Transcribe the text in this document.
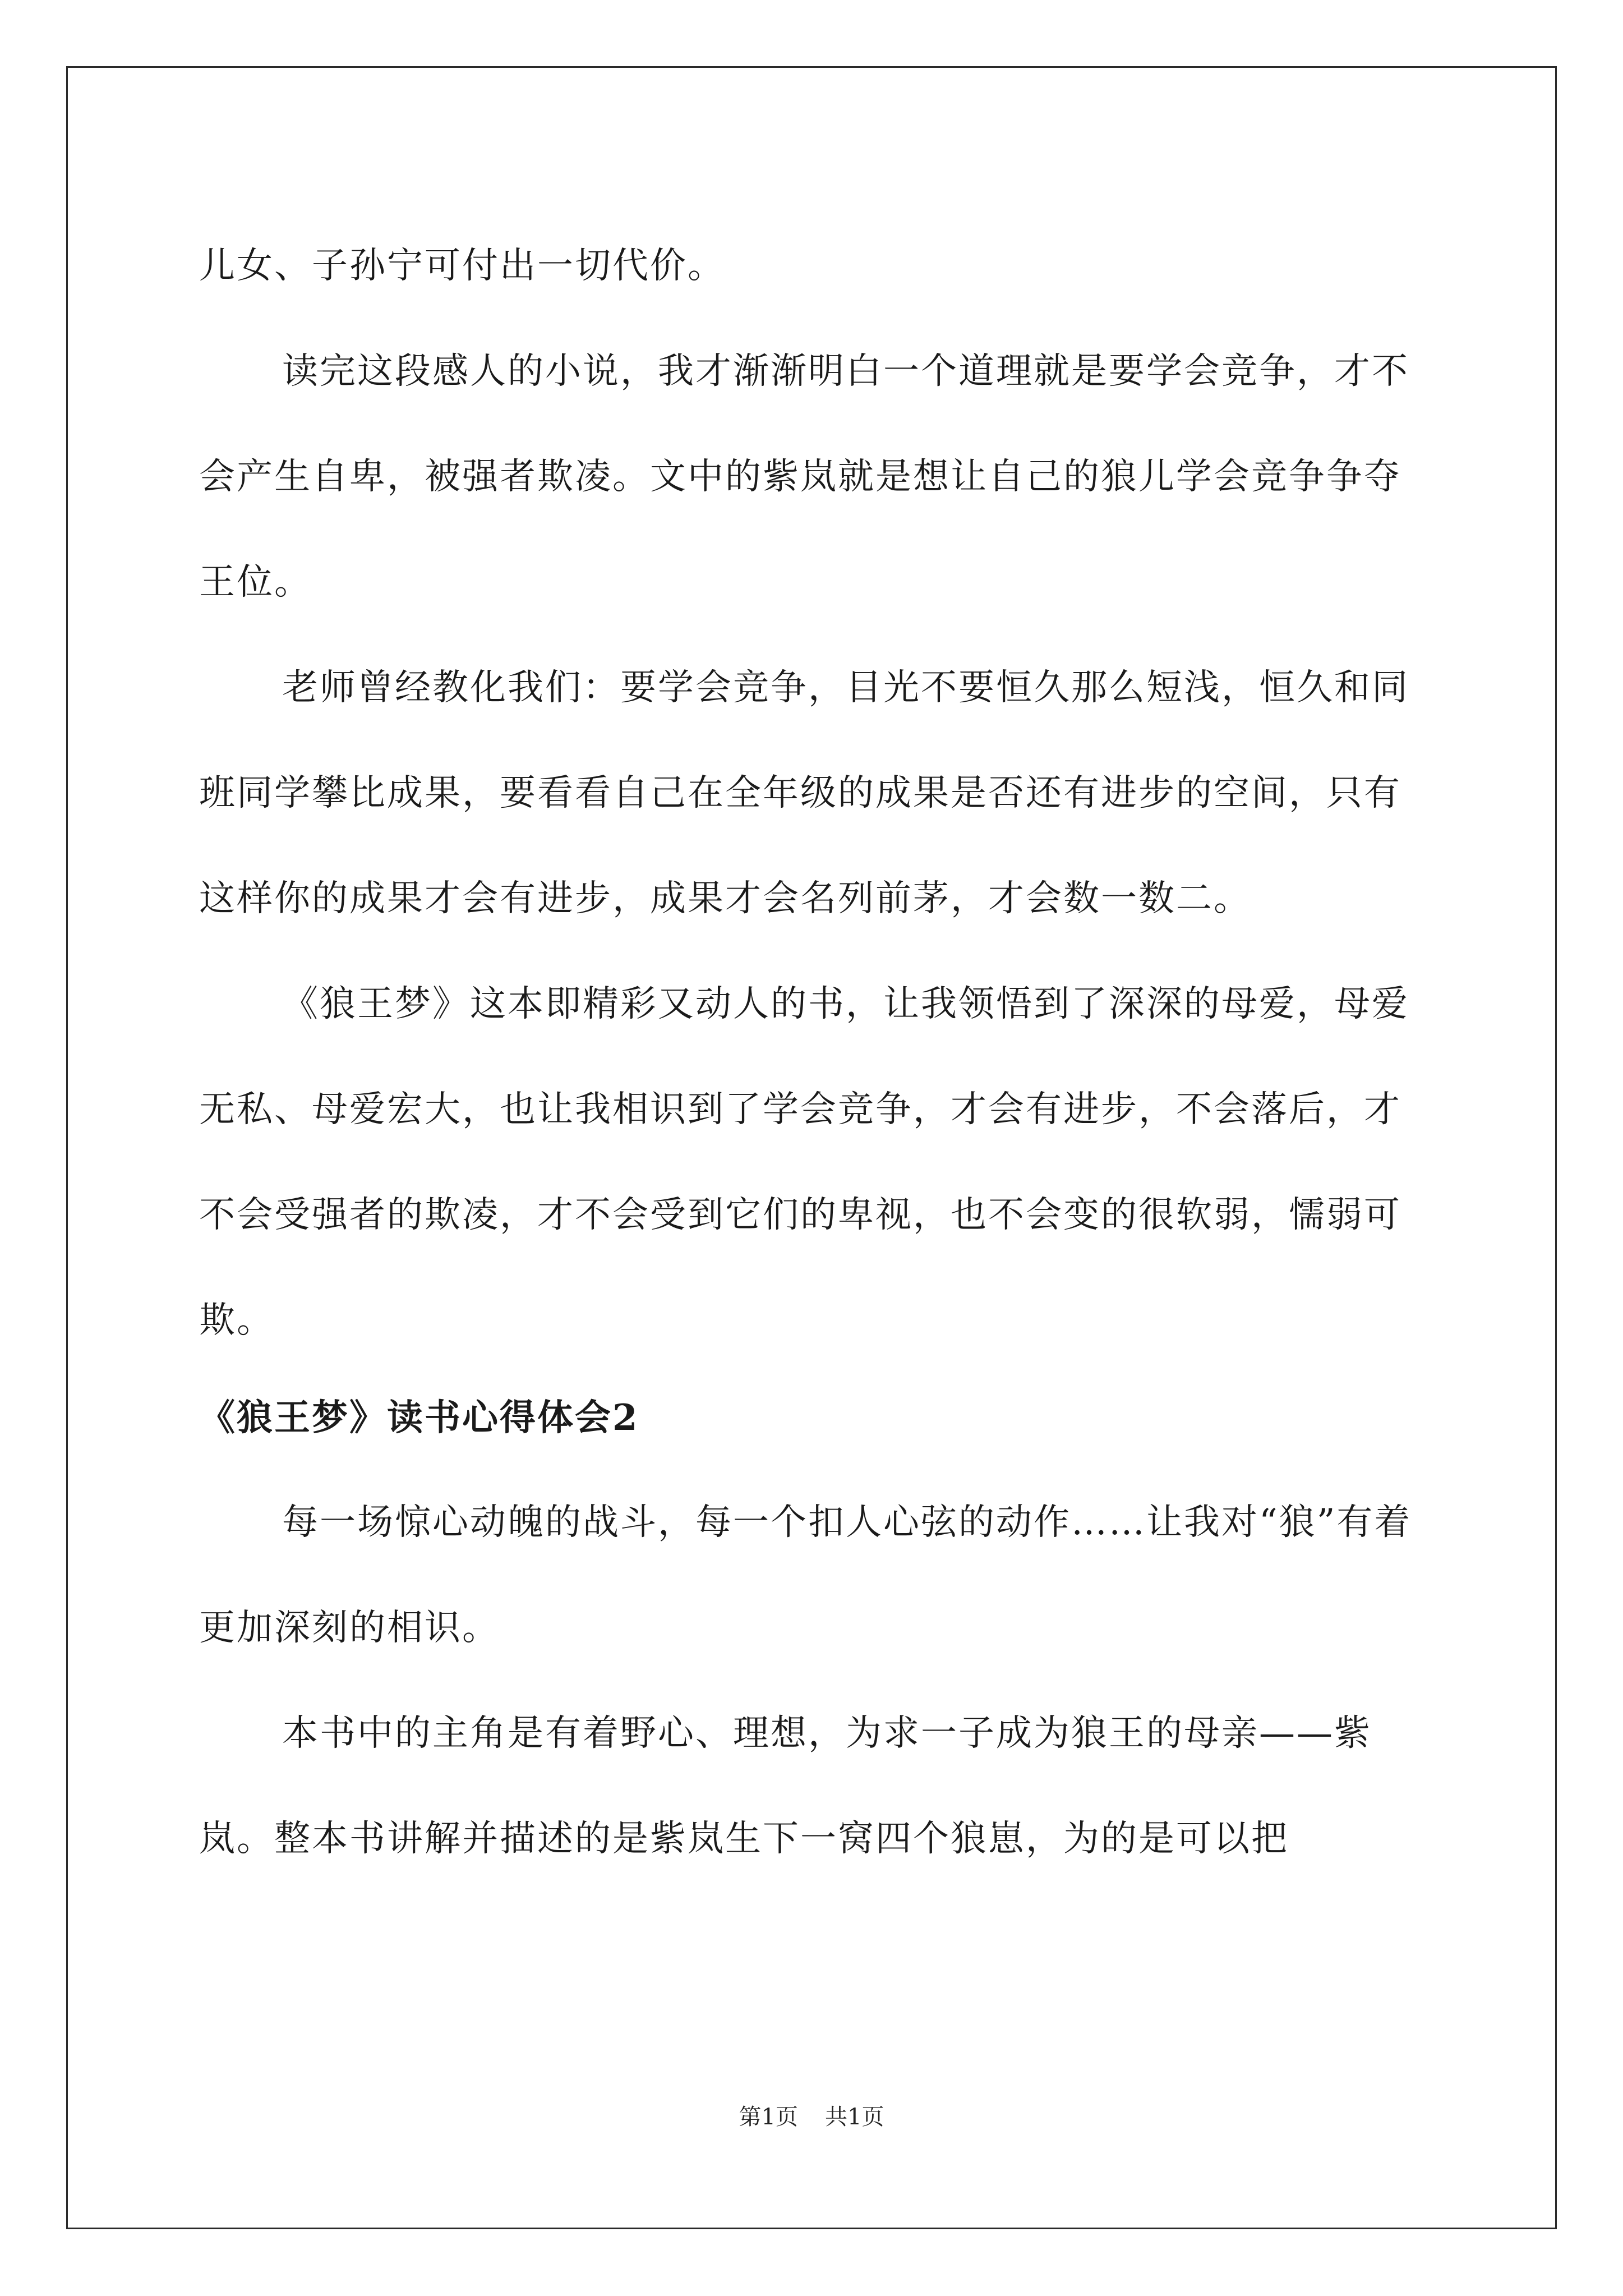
儿女、子孙宁可付出一切代价。

读完这段感人的小说，我才渐渐明白一个道理就是要学会竞争，才不会产生自卑，被强者欺凌。文中的紫岚就是想让自己的狼儿学会竞争争夺王位。

老师曾经教化我们：要学会竞争，目光不要恒久那么短浅，恒久和同班同学攀比成果，要看看自己在全年级的成果是否还有进步的空间，只有这样你的成果才会有进步，成果才会名列前茅，才会数一数二。

《狼王梦》这本即精彩又动人的书，让我领悟到了深深的母爱，母爱无私、母爱宏大，也让我相识到了学会竞争，才会有进步，不会落后，才不会受强者的欺凌，才不会受到它们的卑视，也不会变的很软弱，懦弱可欺。

《狼王梦》读书心得体会2

每一场惊心动魄的战斗，每一个扣人心弦的动作……让我对“狼”有着更加深刻的相识。

本书中的主角是有着野心、理想，为求一子成为狼王的母亲——紫岚。整本书讲解并描述的是紫岚生下一窝四个狼崽，为的是可以把

第1页 共1页
